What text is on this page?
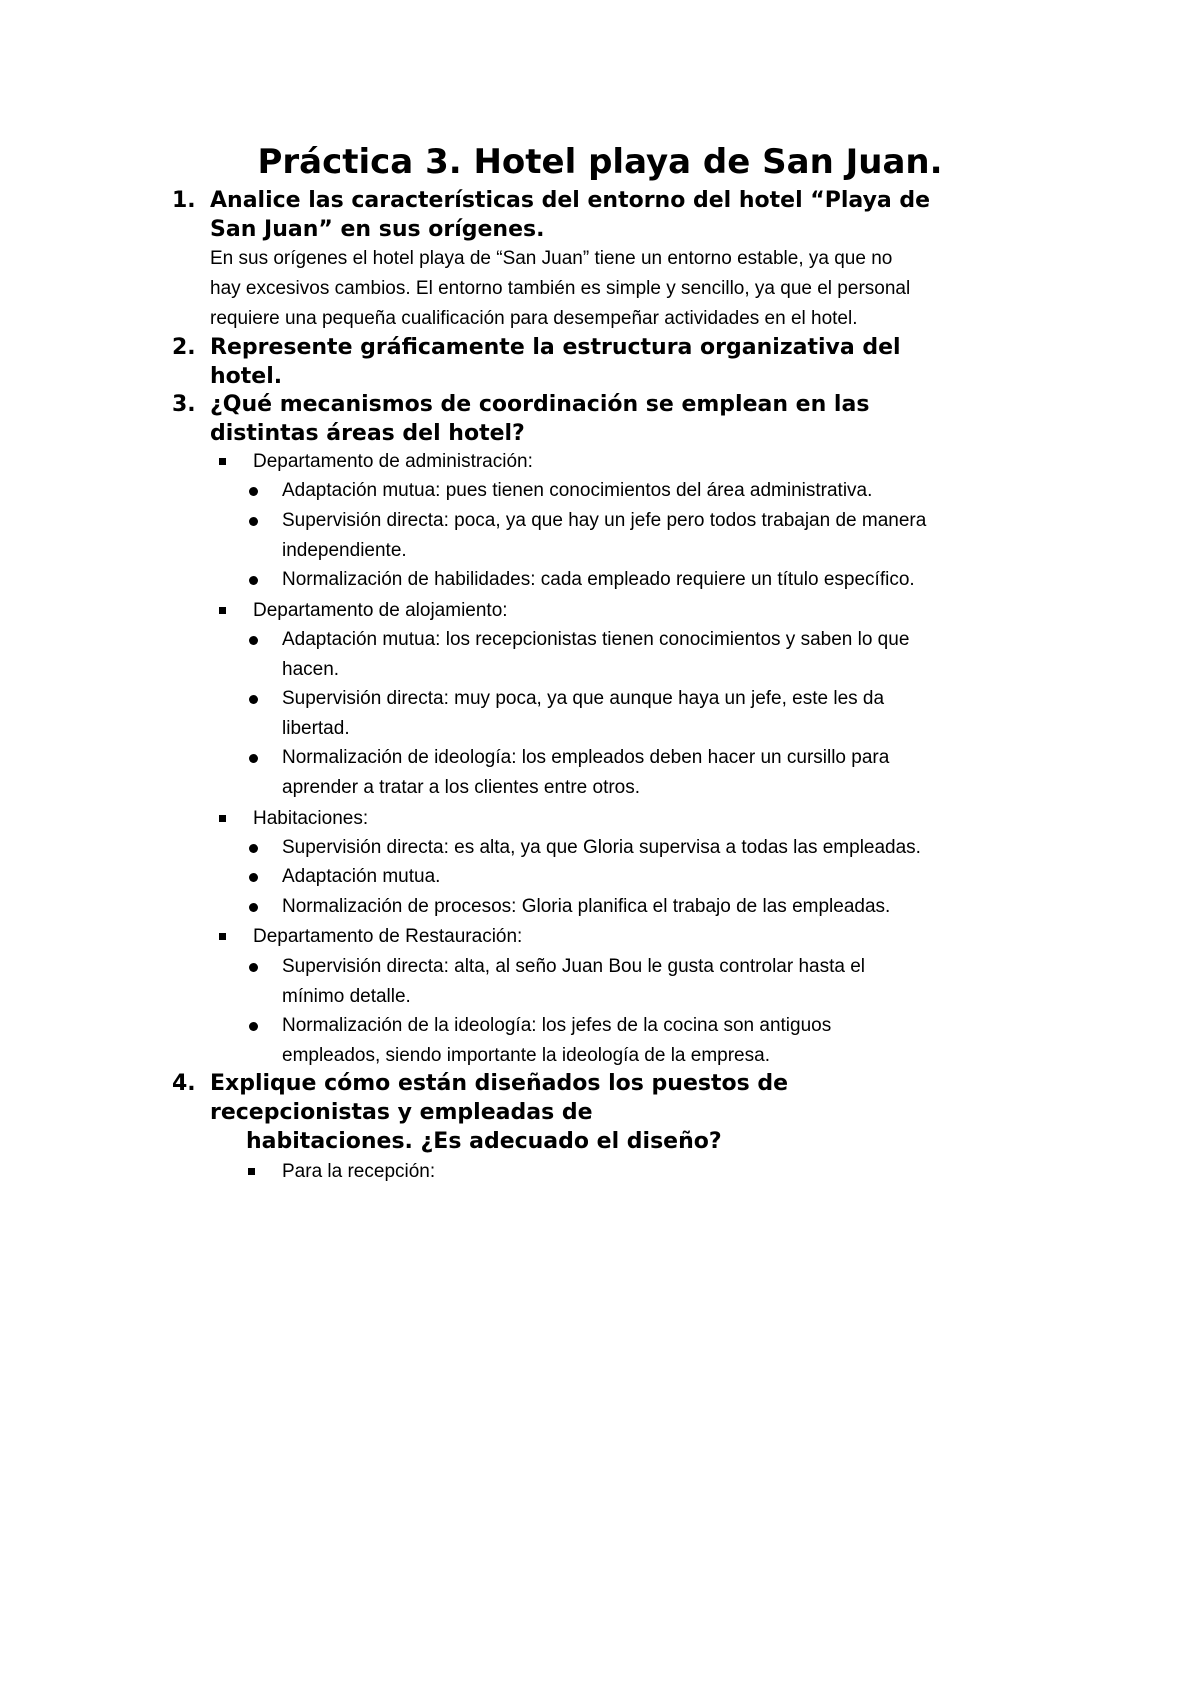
Práctica 3. Hotel playa de San Juan.
1. Analice las características del entorno del hotel “Playa de
San Juan” en sus orígenes.
En sus orígenes el hotel playa de “San Juan” tiene un entorno estable, ya que no
hay excesivos cambios. El entorno también es simple y sencillo, ya que el personal
requiere una pequeña cualificación para desempeñar actividades en el hotel.
2. Represente gráficamente la estructura organizativa del
hotel.
3. ¿Qué mecanismos de coordinación se emplean en las
distintas áreas del hotel?
Departamento de administración:
Adaptación mutua: pues tienen conocimientos del área administrativa.
Supervisión directa: poca, ya que hay un jefe pero todos trabajan de manera
independiente.
Normalización de habilidades: cada empleado requiere un título específico.
Departamento de alojamiento:
Adaptación mutua: los recepcionistas tienen conocimientos y saben lo que
hacen.
Supervisión directa: muy poca, ya que aunque haya un jefe, este les da
libertad.
Normalización de ideología: los empleados deben hacer un cursillo para
aprender a tratar a los clientes entre otros.
Habitaciones:
Supervisión directa: es alta, ya que Gloria supervisa a todas las empleadas.
Adaptación mutua.
Normalización de procesos: Gloria planifica el trabajo de las empleadas.
Departamento de Restauración:
Supervisión directa: alta, al seño Juan Bou le gusta controlar hasta el
mínimo detalle.
Normalización de la ideología: los jefes de la cocina son antiguos
empleados, siendo importante la ideología de la empresa.
4. Explique cómo están diseñados los puestos de
recepcionistas y empleadas de
habitaciones. ¿Es adecuado el diseño?
Para la recepción:
